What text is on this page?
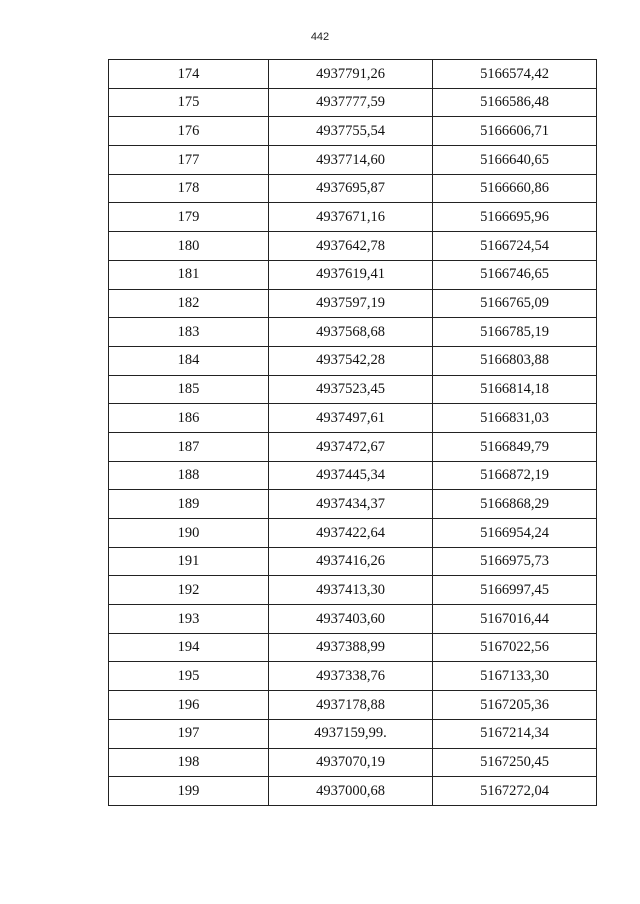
442
174	4937791,26	5166574,42
175	4937777,59	5166586,48
176	4937755,54	5166606,71
177	4937714,60	5166640,65
178	4937695,87	5166660,86
179	4937671,16	5166695,96
180	4937642,78	5166724,54
181	4937619,41	5166746,65
182	4937597,19	5166765,09
183	4937568,68	5166785,19
184	4937542,28	5166803,88
185	4937523,45	5166814,18
186	4937497,61	5166831,03
187	4937472,67	5166849,79
188	4937445,34	5166872,19
189	4937434,37	5166868,29
190	4937422,64	5166954,24
191	4937416,26	5166975,73
192	4937413,30	5166997,45
193	4937403,60	5167016,44
194	4937388,99	5167022,56
195	4937338,76	5167133,30
196	4937178,88	5167205,36
197	4937159,99.	5167214,34
198	4937070,19	5167250,45
199	4937000,68	5167272,04
